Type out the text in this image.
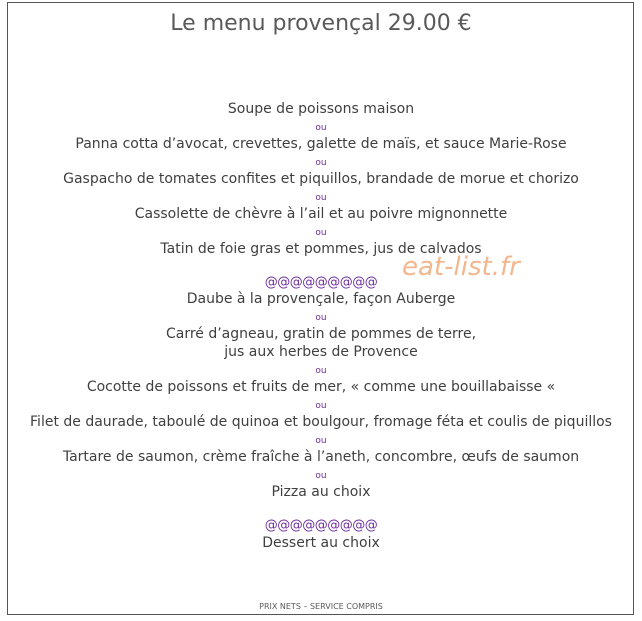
Le menu provençal 29.00 €
Soupe de poissons maison
ou
Panna cotta d’avocat, crevettes, galette de maïs, et sauce Marie-Rose
ou
Gaspacho de tomates confites et piquillos, brandade de morue et chorizo
ou
Cassolette de chèvre à l’ail et au poivre mignonnette
ou
Tatin de foie gras et pommes, jus de calvados
@@@@@@@@@
Daube à la provençale, façon Auberge
ou
Carré d’agneau, gratin de pommes de terre,
jus aux herbes de Provence
ou
Cocotte de poissons et fruits de mer, « comme une bouillabaisse «
ou
Filet de daurade, taboulé de quinoa et boulgour, fromage féta et coulis de piquillos
ou
Tartare de saumon, crème fraîche à l’aneth, concombre, œufs de saumon
ou
Pizza au choix
@@@@@@@@@
Dessert au choix
eat-list.fr
PRIX NETS – SERVICE COMPRIS
